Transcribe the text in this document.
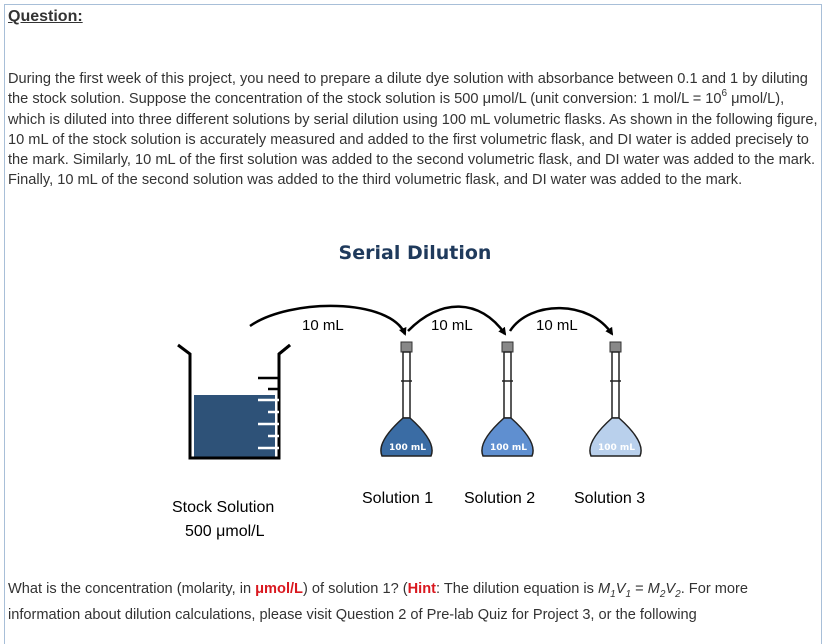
Question:
During the first week of this project, you need to prepare a dilute dye solution with absorbance between 0.1 and 1 by diluting the stock solution. Suppose the concentration of the stock solution is 500 μmol/L (unit conversion: 1 $mol/L = 10^6$ μmol/L), which is diluted into three different solutions by serial dilution using 100 mL volumetric flasks. As shown in the following figure, 10 mL of the stock solution is accurately measured and added to the first volumetric flask, and DI water is added precisely to the mark. Similarly, 10 mL of the first solution was added to the second volumetric flask, and DI water was added to the mark. Finally, 10 mL of the second solution was added to the third volumetric flask, and DI water was added to the mark.
Serial Dilution
10 mL	10 mL	10 mL
100 mL	100 mL	100 mL
Solution 1 Solution 2 Solution 3
Stock Solution
500 μmol/L
What is the concentration (molarity, in μmol/L) of solution 1? (Hint: The dilution equation is $M_1V_1 = M_2V_2$. For more information about dilution calculations, please visit Question 2 of Pre-lab Quiz for Project 3, or the following
